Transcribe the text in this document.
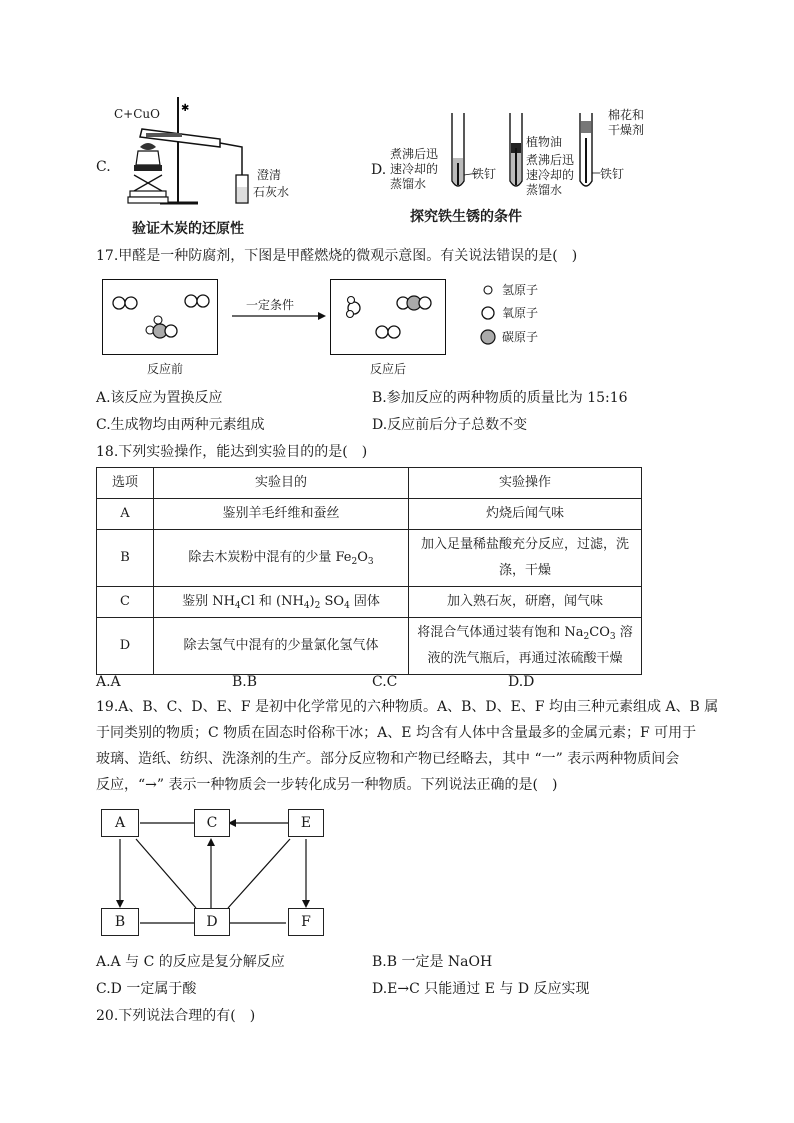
C.
C+CuO ✱
澄清
石灰水
验证木炭的还原性
D.
煮沸后迅
速冷却的
蒸馏水
铁钉
植物油
煮沸后迅
速冷却的
蒸馏水
棉花和
干燥剂
铁钉
探究铁生锈的条件
17.甲醛是一种防腐剂，下图是甲醛燃烧的微观示意图。有关说法错误的是(　)
一定条件
反应前	反应后
氢原子
氧原子
碳原子
A.该反应为置换反应	B.参加反应的两种物质的质量比为 15:16
C.生成物均由两种元素组成	D.反应前后分子总数不变
18.下列实验操作，能达到实验目的的是(　)
选项	实验目的	实验操作
A	鉴别羊毛纤维和蚕丝	灼烧后闻气味
B	除去木炭粉中混有的少量 $Fe_2O_3$	加入足量稀盐酸充分反应，过滤，洗
涤，干燥

C	鉴别 $NH_4Cl$ 和 $(NH_4)_2$ $SO_4$ 固体	加入熟石灰，研磨，闻气味
D	除去氢气中混有的少量氯化氢气体	将混合气体通过装有饱和 $Na_2CO_3$ 溶
液的洗气瓶后，再通过浓硫酸干燥
A.A	B.B	C.C	D.D
19.A、B、C、D、E、F 是初中化学常见的六种物质。A、B、D、E、F 均由三种元素组成 A、B 属
于同类别的物质；C 物质在固态时俗称干冰；A、E 均含有人体中含量最多的金属元素；F 可用于
玻璃、造纸、纺织、洗涤剂的生产。部分反应物和产物已经略去，其中 “一” 表示两种物质间会
反应，“→” 表示一种物质会一步转化成另一种物质。下列说法正确的是(　)
A	C	E
B	D	F
A.A 与 C 的反应是复分解反应	B.B 一定是 NaOH
C.D 一定属于酸	D.E→C 只能通过 E 与 D 反应实现
20.下列说法合理的有(　)
